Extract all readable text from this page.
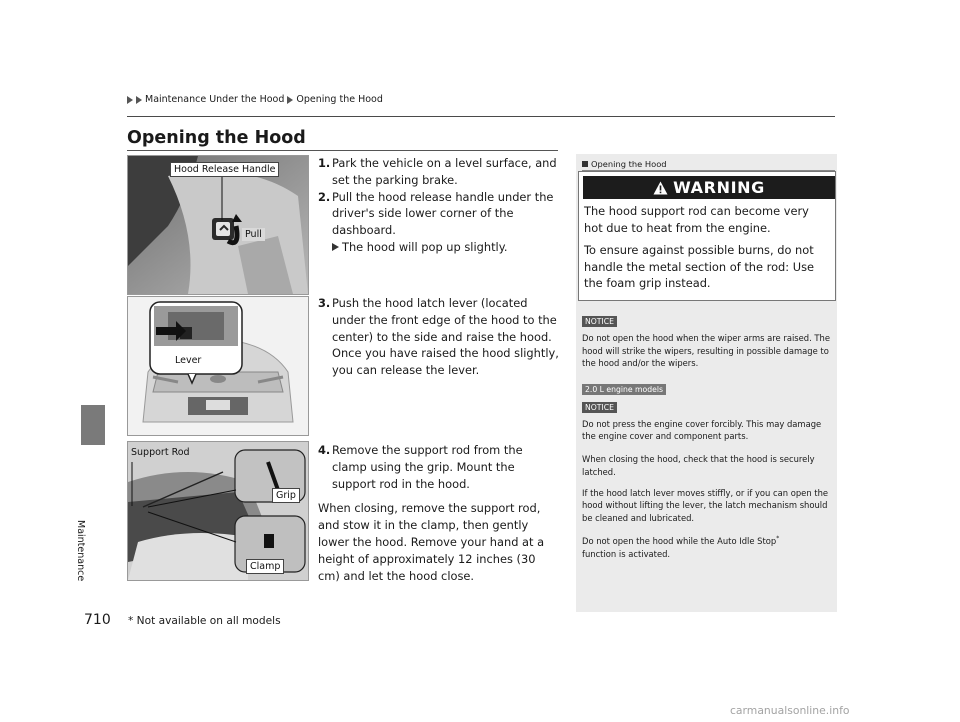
Maintenance Under the Hood Opening the Hood
Opening the Hood
Maintenance
710
Hood Release Handle
Pull
Lever
Support Rod
Grip
Clamp
1. Park the vehicle on a level surface, and set the parking brake.
2. Pull the hood release handle under the driver's side lower corner of the dashboard.
The hood will pop up slightly.
3. Push the hood latch lever (located under the front edge of the hood to the center) to the side and raise the hood. Once you have raised the hood slightly, you can release the lever.
4. Remove the support rod from the clamp using the grip. Mount the support rod in the hood.
When closing, remove the support rod, and stow it in the clamp, then gently lower the hood. Remove your hand at a height of approximately 12 inches (30 cm) and let the hood close.
Opening the Hood
WARNING
The hood support rod can become very hot due to heat from the engine.
To ensure against possible burns, do not handle the metal section of the rod: Use the foam grip instead.
NOTICE
Do not open the hood when the wiper arms are raised. The hood will strike the wipers, resulting in possible damage to the hood and/or the wipers.
2.0 L engine models
NOTICE
Do not press the engine cover forcibly. This may damage the engine cover and component parts.
When closing the hood, check that the hood is securely latched.
If the hood latch lever moves stiffly, or if you can open the hood without lifting the lever, the latch mechanism should be cleaned and lubricated.
Do not open the hood while the Auto Idle Stop*
function is activated.
* Not available on all models
carmanualsonline.info
